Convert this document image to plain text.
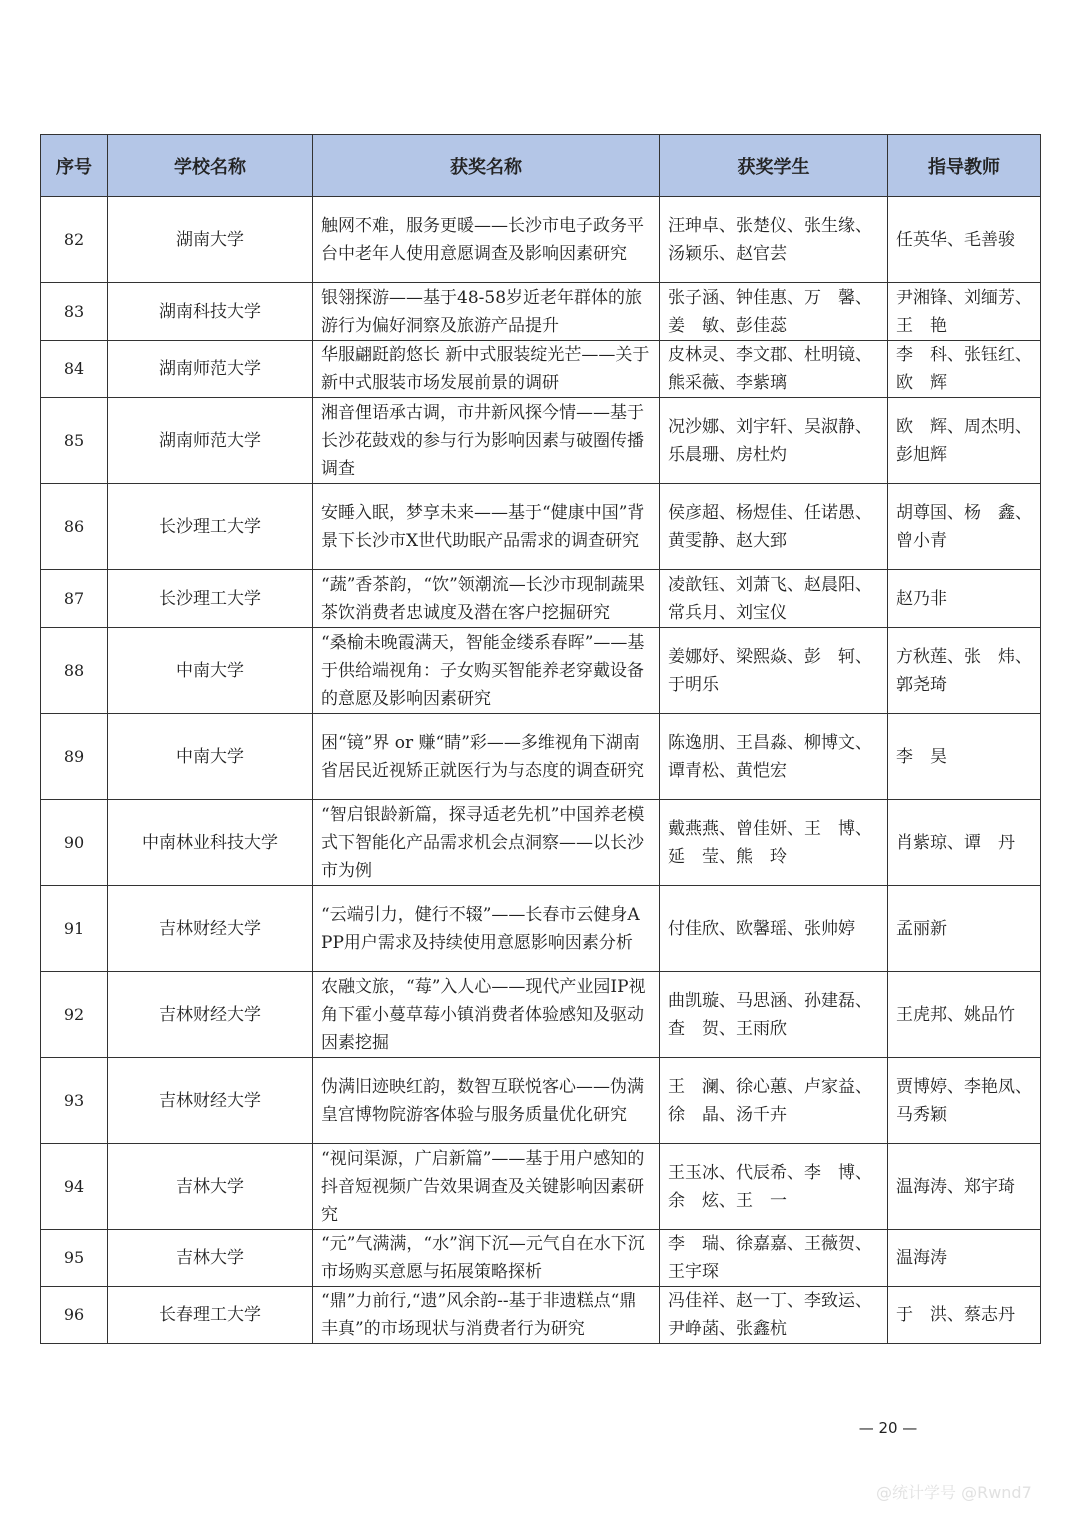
序号	学校名称	获奖名称	获奖学生	指导教师
82	湖南大学	触网不难，服务更暖——长沙市电子政务平台中老年人使用意愿调查及影响因素研究	汪珅卓、张楚仪、张生缘、汤颖乐、赵官芸	任英华、毛善骏
83	湖南科技大学	银翎探游——基于48-58岁近老年群体的旅游行为偏好洞察及旅游产品提升	张子涵、钟佳惠、万　馨、姜　敏、彭佳蕊	尹湘锋、刘缅芳、王　艳
84	湖南师范大学	华服翩跹韵悠长 新中式服装绽光芒——关于新中式服装市场发展前景的调研	皮林灵、李文郡、杜明镜、熊采薇、李紫璃	李　科、张钰红、欧　辉
85	湖南师范大学	湘音俚语承古调，市井新风探今情——基于长沙花鼓戏的参与行为影响因素与破圈传播调查	况沙娜、刘宇轩、吴淑静、乐晨珊、房杜灼	欧　辉、周杰明、彭旭辉
86	长沙理工大学	安睡入眠，梦享未来——基于“健康中国”背景下长沙市X世代助眠产品需求的调查研究	侯彦超、杨煜佳、任诺愚、黄雯静、赵大郅	胡尊国、杨　鑫、曾小青
87	长沙理工大学	“蔬”香茶韵，“饮”领潮流—长沙市现制蔬果茶饮消费者忠诚度及潜在客户挖掘研究	凌歆钰、刘萧飞、赵晨阳、常兵月、刘宝仪	赵乃非
88	中南大学	“桑榆未晚霞满天，智能金缕系春晖”——基于供给端视角：子女购买智能养老穿戴设备的意愿及影响因素研究	姜娜妤、梁熙焱、彭　轲、于明乐	方秋莲、张　炜、郭尧琦
89	中南大学	困“镜”界 or 赚“睛”彩——多维视角下湖南省居民近视矫正就医行为与态度的调查研究	陈逸朋、王昌淼、柳博文、谭青松、黄恺宏	李　昊
90	中南林业科技大学	“智启银龄新篇，探寻适老先机”中国养老模式下智能化产品需求机会点洞察——以长沙市为例	戴燕燕、曾佳妍、王　博、延　莹、熊　玲	肖紫琼、谭　丹
91	吉林财经大学	“云端引力，健行不辍”——长春市云健身APP用户需求及持续使用意愿影响因素分析	付佳欣、欧馨瑶、张帅婷	孟丽新
92	吉林财经大学	农融文旅，“莓”入人心——现代产业园IP视角下霍小蔓草莓小镇消费者体验感知及驱动因素挖掘	曲凯璇、马思涵、孙建磊、查　贺、王雨欣	王虎邦、姚品竹
93	吉林财经大学	伪满旧迹映红韵，数智互联悦客心——伪满皇宫博物院游客体验与服务质量优化研究	王　澜、徐心蕙、卢家益、徐　晶、汤千卉	贾博婷、李艳凤、马秀颖
94	吉林大学	“视问渠源，广启新篇”——基于用户感知的抖音短视频广告效果调查及关键影响因素研究	王玉冰、代辰希、李　博、余　炫、王　一	温海涛、郑宇琦
95	吉林大学	“元”气满满，“水”润下沉—元气自在水下沉市场购买意愿与拓展策略探析	李　瑞、徐嘉嘉、王薇贺、王宇琛	温海涛
96	长春理工大学	“鼎”力前行,“遗”风余韵--基于非遗糕点“鼎丰真”的市场现状与消费者行为研究	冯佳祥、赵一丁、李致运、尹峥菡、张鑫杭	于　洪、蔡志丹
— 20 —
@统计学号 @Rwnd7
